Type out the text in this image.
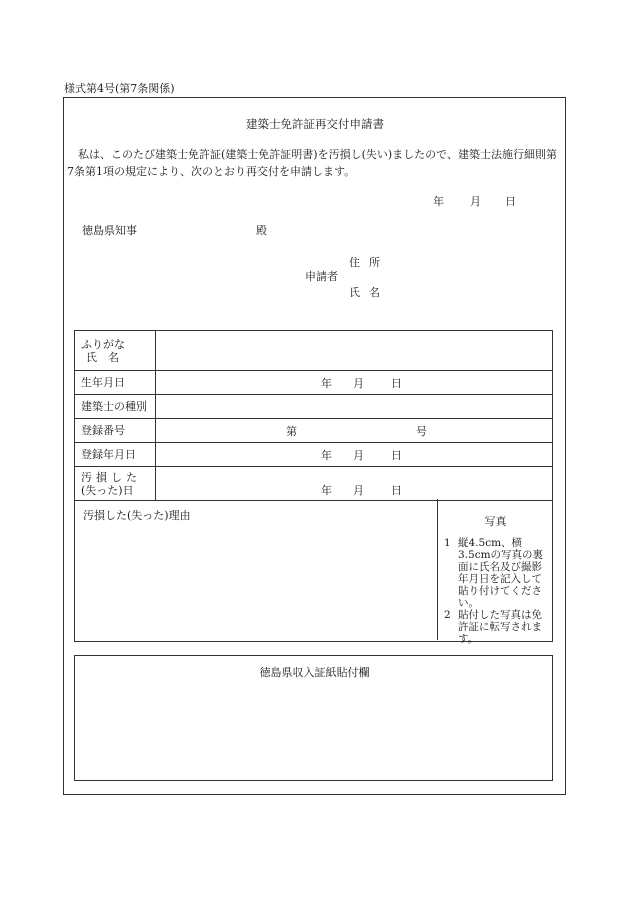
様式第4号(第7条関係)
建築士免許証再交付申請書
私は、このたび建築士免許証(建築士免許証明書)を汚損し(失い)ましたので、建築士法施行細則第7条第1項の規定により、次のとおり再交付を申請します。
年 月 日
徳島県知事	殿
申請者
住所
氏名
ふりがな
氏　名
生年月日	年 月 日
建築士の種別
登録番号	第	号
登録年月日	年 月 日
汚損した
(失った)日	年 月 日
汚損した(失った)理由	写真
1 縦4.5cm、横3.5cmの写真の裏面に氏名及び撮影年月日を記入して貼り付けてください。
2 貼付した写真は免許証に転写されます。
徳島県収入証紙貼付欄
